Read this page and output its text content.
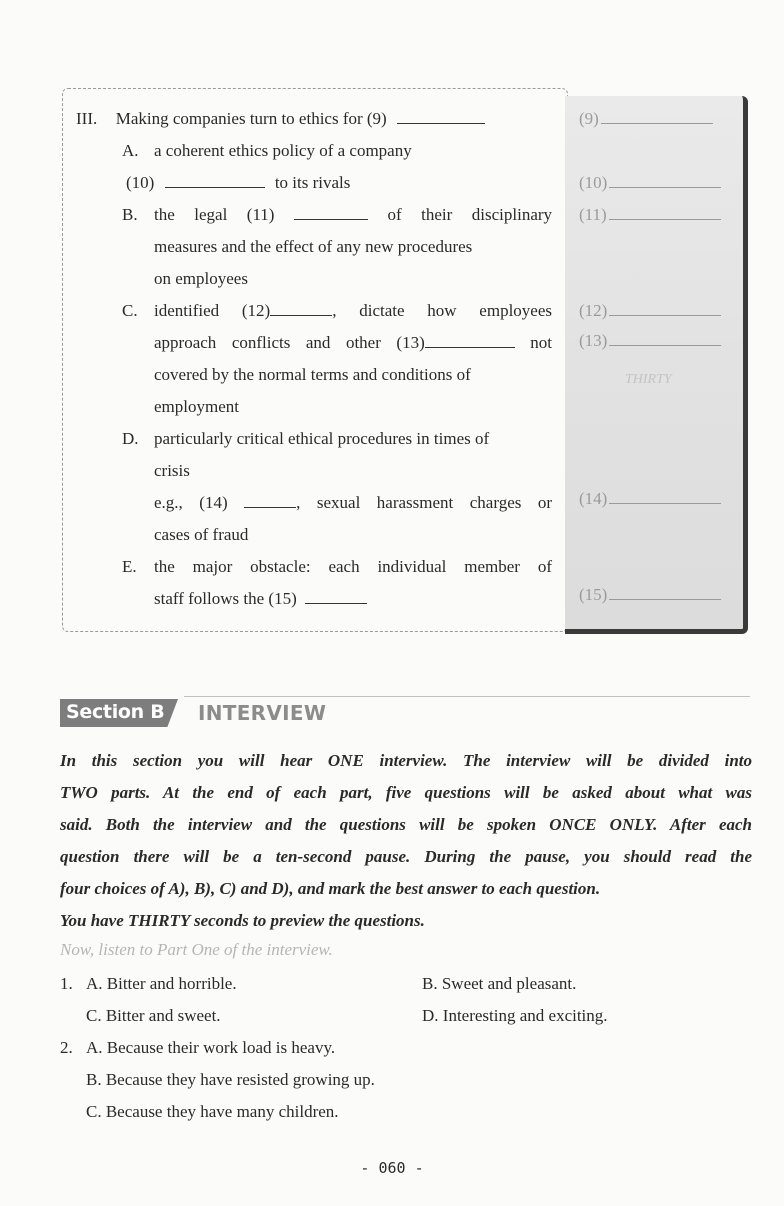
III. Making companies turn to ethics for (9)
A. a coherent ethics policy of a company
(10)	to its rivals
B. the legal (11)	of their disciplinary
measures and the effect of any new procedures
on employees
C. identified (12)	, dictate how employees
approach conflicts and other (13)	not
covered by the normal terms and conditions of
employment
D. particularly critical ethical procedures in times of
crisis
e.g., (14)	, sexual harassment charges or
cases of fraud
E. the major obstacle: each individual member of
staff follows the (15)
(9)
(10)
(11)
(12)
(13)
THIRTY
(14)
(15)
Section B INTERVIEW
In this section you will hear ONE interview. The interview will be divided into
TWO parts. At the end of each part, five questions will be asked about what was
said. Both the interview and the questions will be spoken ONCE ONLY. After each
question there will be a ten-second pause. During the pause, you should read the
four choices of A), B), C) and D), and mark the best answer to each question.
You have THIRTY seconds to preview the questions.
Now, listen to Part One of the interview.
1. A. Bitter and horrible.	B. Sweet and pleasant.
C. Bitter and sweet.	D. Interesting and exciting.
2. A. Because their work load is heavy.
B. Because they have resisted growing up.
C. Because they have many children.
- 060 -
